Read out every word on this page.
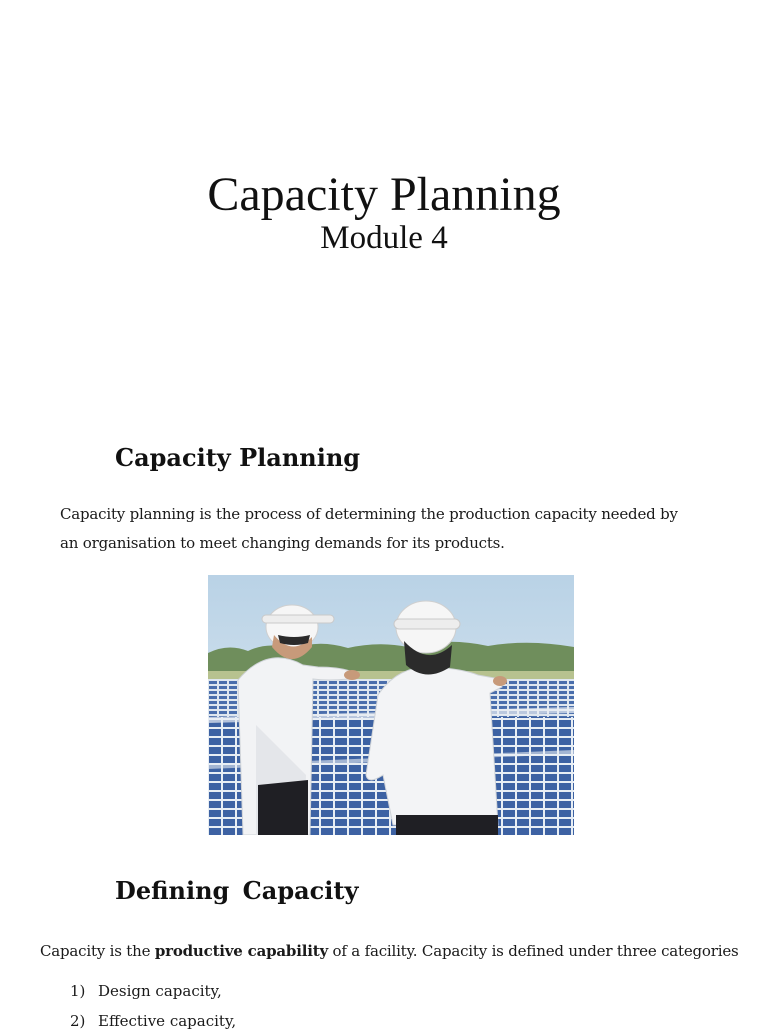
Capacity Planning
Module 4
Capacity Planning
Capacity planning is the process of determining the production capacity needed by an organisation to meet changing demands for its products.
Defining Capacity
Capacity is the productive capability of a facility. Capacity is defined under three categories
1) Design capacity,
2) Effective capacity,
